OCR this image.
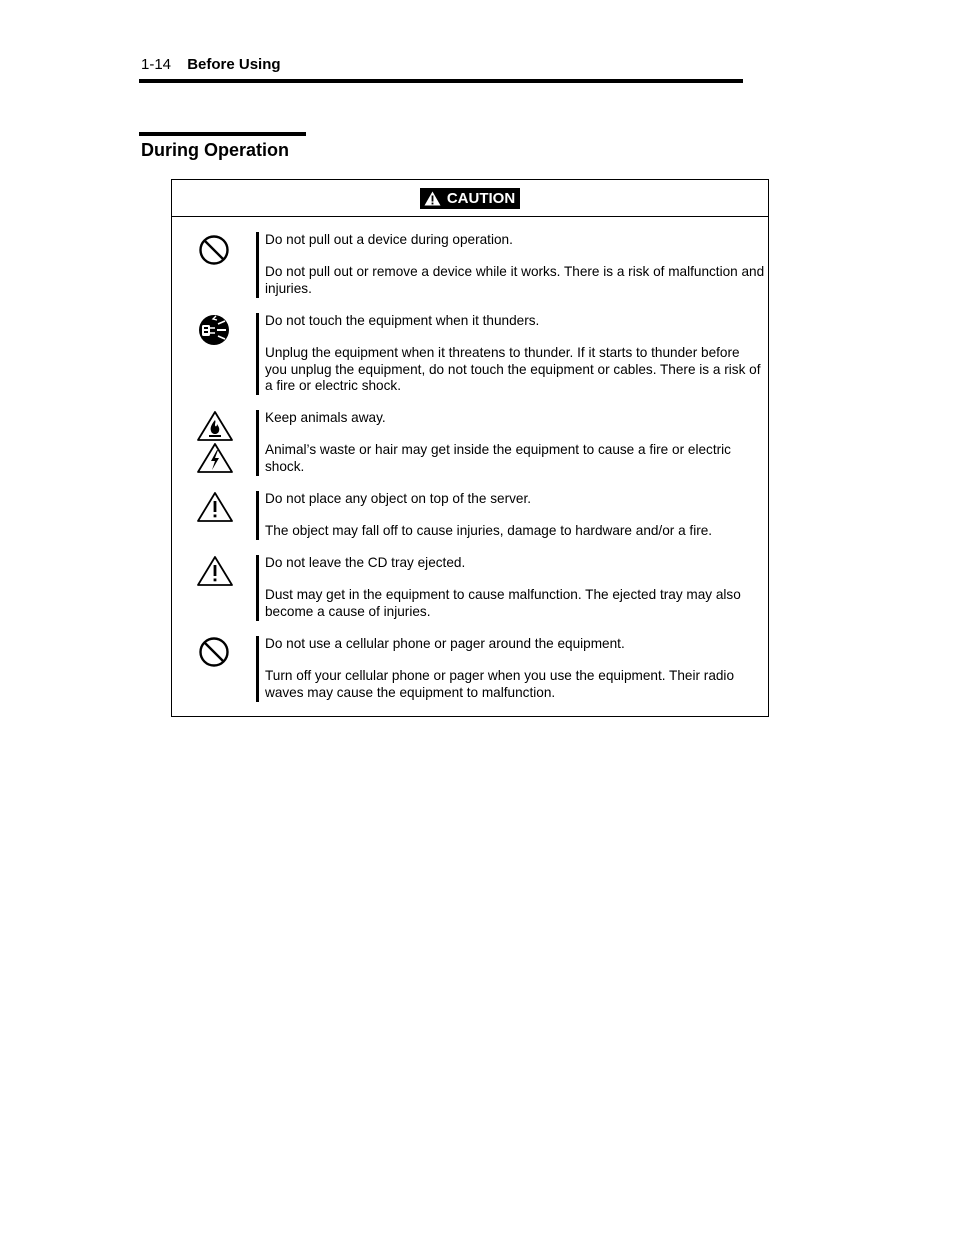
1-14 Before Using
During Operation
CAUTION

Do not pull out a device during operation.

Do not pull out or remove a device while it works. There is a risk of malfunction and injuries.

Do not touch the equipment when it thunders.

Unplug the equipment when it threatens to thunder. If it starts to thunder before you unplug the equipment, do not touch the equipment or cables. There is a risk of a fire or electric shock.

Keep animals away.

Animal’s waste or hair may get inside the equipment to cause a fire or electric shock.

Do not place any object on top of the server.

The object may fall off to cause injuries, damage to hardware and/or a fire.

Do not leave the CD tray ejected.

Dust may get in the equipment to cause malfunction. The ejected tray may also become a cause of injuries.

Do not use a cellular phone or pager around the equipment.

Turn off your cellular phone or pager when you use the equipment. Their radio waves may cause the equipment to malfunction.
